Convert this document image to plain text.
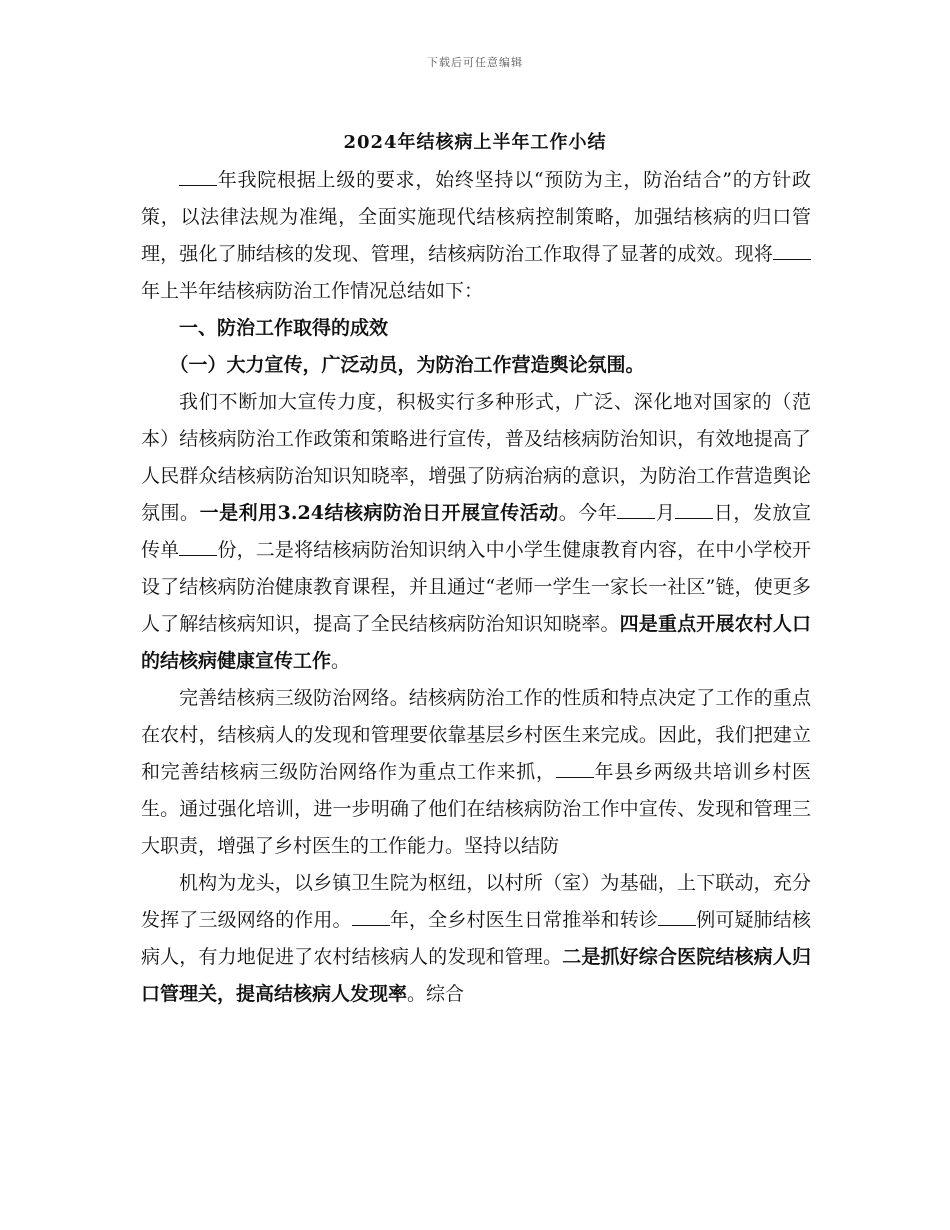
下载后可任意编辑
2024年结核病上半年工作小结

年我院根据上级的要求，始终坚持以“预防为主，防治结合”的方针政策，以法律法规为准绳，全面实施现代结核病控制策略，加强结核病的归口管理，强化了肺结核的发现、管理，结核病防治工作取得了显著的成效。现将年上半年结核病防治工作情况总结如下：

一、防治工作取得的成效

（一）大力宣传，广泛动员，为防治工作营造舆论氛围。

我们不断加大宣传力度，积极实行多种形式，广泛、深化地对国家的（范本）结核病防治工作政策和策略进行宣传，普及结核病防治知识，有效地提高了人民群众结核病防治知识知晓率，增强了防病治病的意识，为防治工作营造舆论氛围。一是利用3.24结核病防治日开展宣传活动。今年 月 日，发放宣传单 份，二是将结核病防治知识纳入中小学生健康教育内容，在中小学校开设了结核病防治健康教育课程，并且通过“老师一学生一家长一社区”链，使更多人了解结核病知识，提高了全民结核病防治知识知晓率。四是重点开展农村人口的结核病健康宣传工作。

完善结核病三级防治网络。结核病防治工作的性质和特点决定了工作的重点在农村，结核病人的发现和管理要依靠基层乡村医生来完成。因此，我们把建立和完善结核病三级防治网络作为重点工作来抓， 年县乡两级共培训乡村医生。通过强化培训，进一步明确了他们在结核病防治工作中宣传、发现和管理三大职责，增强了乡村医生的工作能力。坚持以结防

机构为龙头，以乡镇卫生院为枢纽，以村所（室）为基础，上下联动，充分发挥了三级网络的作用。 年，全乡村医生日常推举和转诊 例可疑肺结核病人，有力地促进了农村结核病人的发现和管理。二是抓好综合医院结核病人归口管理关，提高结核病人发现率。综合
